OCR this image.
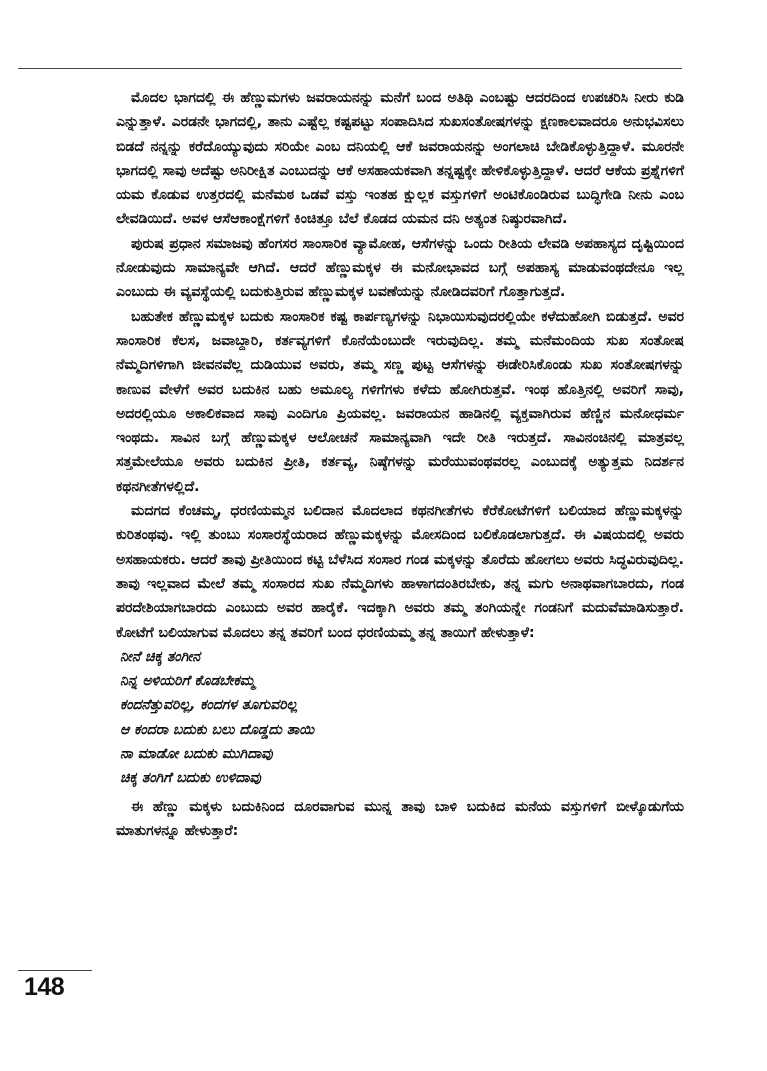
ಮೊದಲ ಭಾಗದಲ್ಲಿ ಈ ಹೆಣ್ಣುಮಗಳು ಜವರಾಯನನ್ನು ಮನೆಗೆ ಬಂದ ಅತಿಥಿ ಎಂಬಷ್ಟು ಆದರದಿಂದ ಉಪಚರಿಸಿ ನೀರು ಕುಡಿ ಎನ್ನುತ್ತಾಳೆ. ಎರಡನೇ ಭಾಗದಲ್ಲಿ, ತಾನು ಎಷ್ಟೆಲ್ಲ ಕಷ್ಟಪಟ್ಟು ಸಂಪಾದಿಸಿದ ಸುಖಸಂತೋಷಗಳನ್ನು ಕ್ಷಣಕಾಲವಾದರೂ ಅನುಭವಿಸಲು ಬಿಡದೆ ನನ್ನನ್ನು ಕರೆದೊಯ್ಯುವುದು ಸರಿಯೇ ಎಂಬ ದನಿಯಲ್ಲಿ ಆಕೆ ಜವರಾಯನನ್ನು ಅಂಗಲಾಚಿ ಬೇಡಿಕೊಳ್ಳುತ್ತಿದ್ದಾಳೆ. ಮೂರನೇ ಭಾಗದಲ್ಲಿ ಸಾವು ಅದೆಷ್ಟು ಅನಿರೀಕ್ಷಿತ ಎಂಬುದನ್ನು ಆಕೆ ಅಸಹಾಯಕವಾಗಿ ತನ್ನಷ್ಟಕ್ಕೇ ಹೇಳಿಕೊಳ್ಳುತ್ತಿದ್ದಾಳೆ. ಆದರೆ ಆಕೆಯ ಪ್ರಶ್ನೆಗಳಿಗೆ ಯಮ ಕೊಡುವ ಉತ್ತರದಲ್ಲಿ ಮನೆಮಠ ಒಡವೆ ವಸ್ತು ಇಂತಹ ಕ್ಷುಲ್ಲಕ ವಸ್ತುಗಳಿಗೆ ಅಂಟಿಕೊಂಡಿರುವ ಬುದ್ಧಿಗೇಡಿ ನೀನು ಎಂಬ ಲೇವಡಿಯಿದೆ. ಅವಳ ಆಸೆಆಕಾಂಕ್ಷೆಗಳಿಗೆ ಕಿಂಚಿತ್ತೂ ಬೆಲೆ ಕೊಡದ ಯಮನ ದನಿ ಅತ್ಯಂತ ನಿಷ್ಠುರವಾಗಿದೆ.

ಪುರುಷ ಪ್ರಧಾನ ಸಮಾಜವು ಹೆಂಗಸರ ಸಾಂಸಾರಿಕ ವ್ಯಾಮೋಹ, ಆಸೆಗಳನ್ನು ಒಂದು ರೀತಿಯ ಲೇವಡಿ ಅಪಹಾಸ್ಯದ ದೃಷ್ಟಿಯಿಂದ ನೋಡುವುದು ಸಾಮಾನ್ಯವೇ ಆಗಿದೆ. ಆದರೆ ಹೆಣ್ಣುಮಕ್ಕಳ ಈ ಮನೋಭಾವದ ಬಗ್ಗೆ ಅಪಹಾಸ್ಯ ಮಾಡುವಂಥದೇನೂ ಇಲ್ಲ ಎಂಬುದು ಈ ವ್ಯವಸ್ಥೆಯಲ್ಲಿ ಬದುಕುತ್ತಿರುವ ಹೆಣ್ಣುಮಕ್ಕಳ ಬವಣೆಯನ್ನು ನೋಡಿದವರಿಗೆ ಗೊತ್ತಾಗುತ್ತದೆ.

ಬಹುತೇಕ ಹೆಣ್ಣುಮಕ್ಕಳ ಬದುಕು ಸಾಂಸಾರಿಕ ಕಷ್ಟ ಕಾರ್ಪಣ್ಯಗಳನ್ನು ನಿಭಾಯಿಸುವುದರಲ್ಲಿಯೇ ಕಳೆದುಹೋಗಿ ಬಿಡುತ್ತದೆ. ಅವರ ಸಾಂಸಾರಿಕ ಕೆಲಸ, ಜವಾಬ್ದಾರಿ, ಕರ್ತವ್ಯಗಳಿಗೆ ಕೊನೆಯೆಂಬುದೇ ಇರುವುದಿಲ್ಲ. ತಮ್ಮ ಮನೆಮಂದಿಯ ಸುಖ ಸಂತೋಷ ನೆಮ್ಮದಿಗಳಿಗಾಗಿ ಜೀವನವೆಲ್ಲ ದುಡಿಯುವ ಅವರು, ತಮ್ಮ ಸಣ್ಣ ಪುಟ್ಟ ಆಸೆಗಳನ್ನು ಈಡೇರಿಸಿಕೊಂಡು ಸುಖ ಸಂತೋಷಗಳನ್ನು ಕಾಣುವ ವೇಳೆಗೆ ಅವರ ಬದುಕಿನ ಬಹು ಅಮೂಲ್ಯ ಗಳಿಗೆಗಳು ಕಳೆದು ಹೋಗಿರುತ್ತವೆ. ಇಂಥ ಹೊತ್ತಿನಲ್ಲಿ ಅವರಿಗೆ ಸಾವು, ಅದರಲ್ಲಿಯೂ ಅಕಾಲಿಕವಾದ ಸಾವು ಎಂದಿಗೂ ಪ್ರಿಯವಲ್ಲ. ಜವರಾಯನ ಹಾಡಿನಲ್ಲಿ ವ್ಯಕ್ತವಾಗಿರುವ ಹೆಣ್ಣಿನ ಮನೋಧರ್ಮ ಇಂಥದು. ಸಾವಿನ ಬಗ್ಗೆ ಹೆಣ್ಣುಮಕ್ಕಳ ಆಲೋಚನೆ ಸಾಮಾನ್ಯವಾಗಿ ಇದೇ ರೀತಿ ಇರುತ್ತದೆ. ಸಾವಿನಂಚಿನಲ್ಲಿ ಮಾತ್ರವಲ್ಲ ಸತ್ತಮೇಲೆಯೂ ಅವರು ಬದುಕಿನ ಪ್ರೀತಿ, ಕರ್ತವ್ಯ, ನಿಷ್ಠೆಗಳನ್ನು ಮರೆಯುವಂಥವರಲ್ಲ ಎಂಬುದಕ್ಕೆ ಅತ್ಯುತ್ತಮ ನಿದರ್ಶನ ಕಥನಗೀತೆಗಳಲ್ಲಿದೆ.

ಮದಗದ ಕೆಂಚಮ್ಮ, ಧರಣಿಯಮ್ಮನ ಬಲಿದಾನ ಮೊದಲಾದ ಕಥನಗೀತೆಗಳು ಕೆರೆಕೋಟೆಗಳಿಗೆ ಬಲಿಯಾದ ಹೆಣ್ಣುಮಕ್ಕಳನ್ನು ಕುರಿತಂಥವು. ಇಲ್ಲಿ ತುಂಬು ಸಂಸಾರಸ್ಥೆಯರಾದ ಹೆಣ್ಣುಮಕ್ಕಳನ್ನು ಮೋಸದಿಂದ ಬಲಿಕೊಡಲಾಗುತ್ತದೆ. ಈ ವಿಷಯದಲ್ಲಿ ಅವರು ಅಸಹಾಯಕರು. ಆದರೆ ತಾವು ಪ್ರೀತಿಯಿಂದ ಕಟ್ಟಿ ಬೆಳೆಸಿದ ಸಂಸಾರ ಗಂಡ ಮಕ್ಕಳನ್ನು ತೊರೆದು ಹೋಗಲು ಅವರು ಸಿದ್ಧವಿರುವುದಿಲ್ಲ. ತಾವು ಇಲ್ಲವಾದ ಮೇಲೆ ತಮ್ಮ ಸಂಸಾರದ ಸುಖ ನೆಮ್ಮದಿಗಳು ಹಾಳಾಗದಂತಿರಬೇಕು, ತನ್ನ ಮಗು ಅನಾಥವಾಗಬಾರದು, ಗಂಡ ಪರದೇಶಿಯಾಗಬಾರದು ಎಂಬುದು ಅವರ ಹಾರೈಕೆ. ಇದಕ್ಕಾಗಿ ಅವರು ತಮ್ಮ ತಂಗಿಯನ್ನೇ ಗಂಡನಿಗೆ ಮದುವೆಮಾಡಿಸುತ್ತಾರೆ. ಕೋಟೆಗೆ ಬಲಿಯಾಗುವ ಮೊದಲು ತನ್ನ ತವರಿಗೆ ಬಂದ ಧರಣಿಯಮ್ಮ ತನ್ನ ತಾಯಿಗೆ ಹೇಳುತ್ತಾಳೆ:

ನೀನೆ ಚಿಕ್ಕ ತಂಗೀನ
ನಿನ್ನ ಅಳಿಯರಿಗೆ ಕೊಡಬೇಕಮ್ಮ
ಕಂದನೆತ್ತುವರಿಲ್ಲ, ಕಂದಗಳ ತೂಗುವರಿಲ್ಲ
ಆ ಕಂದರಾ ಬದುಕು ಬಲು ದೊಡ್ಡದು ತಾಯಿ
ನಾ ಮಾಡೋ ಬದುಕು ಮುಗಿದಾವು
ಚಿಕ್ಕ ತಂಗಿಗೆ ಬದುಕು ಉಳಿದಾವು

ಈ ಹೆಣ್ಣು ಮಕ್ಕಳು ಬದುಕಿನಿಂದ ದೂರವಾಗುವ ಮುನ್ನ ತಾವು ಬಾಳಿ ಬದುಕಿದ ಮನೆಯ ವಸ್ತುಗಳಿಗೆ ಬೀಳ್ಕೊಡುಗೆಯ ಮಾತುಗಳನ್ನೂ ಹೇಳುತ್ತಾರೆ:

148
